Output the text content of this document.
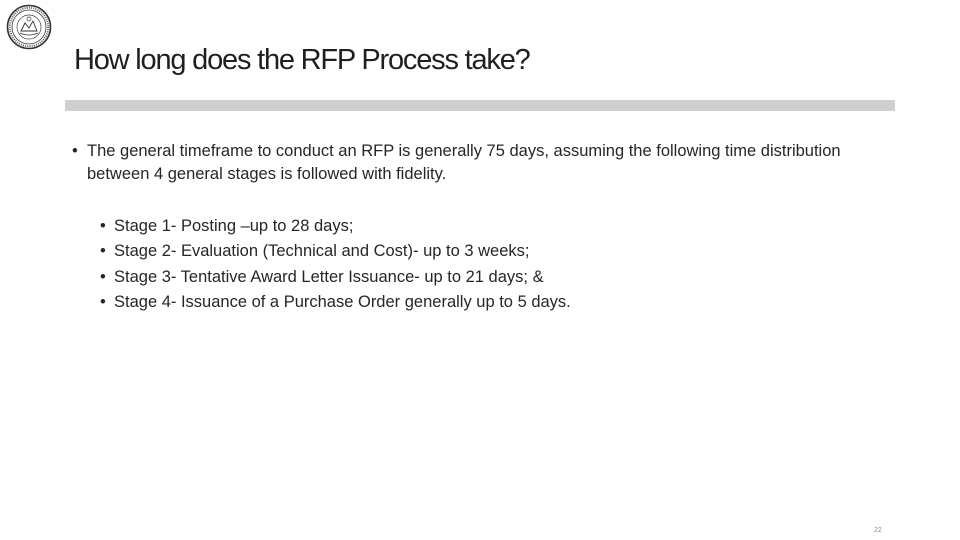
How long does the RFP Process take?
• The general timeframe to conduct an RFP is generally 75 days, assuming the following time distribution between 4 general stages is followed with fidelity.
• Stage 1- Posting –up to 28 days;
• Stage 2- Evaluation (Technical and Cost)- up to 3 weeks;
• Stage 3- Tentative Award Letter Issuance- up to 21 days; &
• Stage 4- Issuance of a Purchase Order generally up to 5 days.
22
